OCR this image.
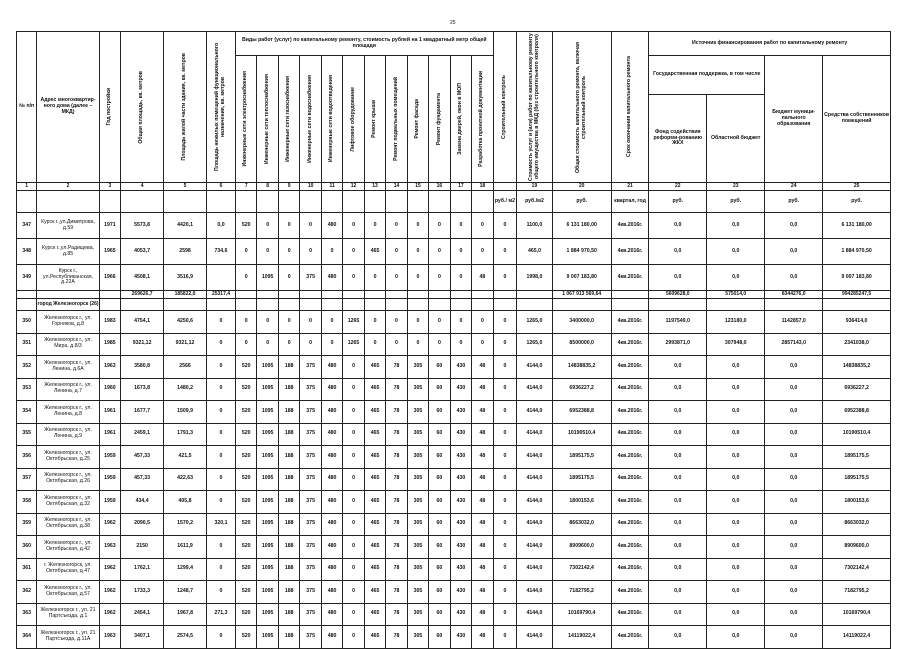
25
№ п/п	Адрес многоквартир-ного дома (далее – МКД)	Год постройки	Общая площадь, кв. метров	Площадь жилой части здания, кв. метров	Площадь нежилых помещений функционального назначения, кв. метров	Виды работ (услуг) по капитальному ремонту, стоимость рублей на 1 квадратный метр общей площади												Строительный контроль	Стоимость услуг и (или) работ по капитальному ремонту общего имущества в МКД (без строительного контроля)	Общая стоимость капитального ремонта, включая строительный контроль	Срок окончания капитального ремонта	Источник финансирования работ по капитальному ремонту			

						Инженерные сети электроснабжения	Инженерные сети теплоснабжения	Инженерные сети газоснабжения	Инженерные сети водоснабжения	Инженерные сети водоотведения	Лифтовое оборудование	Ремонт крыши	Ремонт подвальных помещений	Ремонт фасада	Ремонт фундамента	Замена дверей, окон в МОП	Разработка проектной документации					Государственная поддержка, в том числе		Бюджет муници-пального образования	Средства собственников помещений
																						Фонд содействия реформи-рованию ЖКХ	Областной бюджет		
1	2	3	4	5	6	7	8	9	10	11	12	13	14	15	16	17	18		19	20	21	22	23	24	25
																		руб./ м2	руб./м2	руб.	квартал, год	руб.	руб.	руб.	руб.
347	Курск г.,ул.Димитрова, д.59	1971	5573,8	4420,1	0,0	520	0	0	0	480	0	0	0	0	0	0	0	0	1100,0	6 131 180,00	4кв.2016г.	0,0	0,0	0,0	6 131 180,00
348	Курск г.,ул.Радищева, д.85	1965	4053,7	2598	734,6	0	0	0	0	0	0	465	0	0	0	0	0	0	465,0	1 884 970,50	4кв.2016г.	0,0	0,0	0,0	1 884 970,50
349	Курск г., ул.Республиканская, д.22А	1966	4508,1	3516,9		0	1095	0	375	480	0	0	0	0	0	0	48	0	1998,0	9 007 183,80	4кв.2016г.	0,0	0,0	0,0	9 007 183,80
			269626,7	185822,0	25317,4															1 067 913 569,64		5609628,0	575014,0	8344276,0	994285247,5
	город Железногорск (26)																								
350	Железногорск г., ул. Горняков, д.8	1983	4754,1	4250,6	0	0	0	0	0	0	1265	0	0	0	0	0	0	0	1265,0	3400000,0	4кв.2016г.	1197549,0	123180,0	1142857,0	936414,0
351	Железногорск г., ул. Мира, д.8/3	1985	9321,12	9321,12	0	0	0	0	0	0	1265	0	0	0	0	0	0	0	1265,0	8500000,0	4кв.2016г.	2993871,0	307948,0	2857143,0	2341038,0
352	Железногорск г., ул. Ленина, д.6А	1963	3580,8	2566	0	520	1095	188	375	480	0	465	78	305	60	430	48	0	4144,0	14838835,2	4кв.2016г.	0,0	0,0	0,0	14838835,2
353	Железногорск г., ул. Ленина, д.7	1960	1673,8	1480,2	0	520	1095	188	375	480	0	465	78	305	60	430	48	0	4144,0	6936227,2	4кв.2016г.	0,0	0,0	0,0	6936227,2
354	Железногорск г., ул. Ленина, д.8	1961	1677,7	1509,9	0	520	1095	188	375	480	0	465	78	305	60	430	48	0	4144,0	6952388,8	4кв.2016г.	0,0	0,0	0,0	6952388,8
355	Железногорск г., ул. Ленина, д.9	1961	2459,1	1791,3	0	520	1095	188	375	480	0	465	78	305	60	430	48	0	4144,0	10190510,4	4кв.2016г.	0,0	0,0	0,0	10190510,4
356	Железногорск г., ул. Октябрьская, д.25	1959	457,33	421,5	0	520	1095	188	375	480	0	465	78	305	60	430	48	0	4144,0	1895175,5	4кв.2016г.	0,0	0,0	0,0	1895175,5
357	Железногорск г., ул. Октябрьская, д.26	1959	457,33	422,63	0	520	1095	188	375	480	0	465	78	305	60	430	48	0	4144,0	1895175,5	4кв.2016г.	0,0	0,0	0,0	1895175,5
358	Железногорск г., ул. Октябрьская, д.32	1959	434,4	405,8	0	520	1095	188	375	480	0	465	78	305	60	430	48	0	4144,0	1800153,6	4кв.2016г.	0,0	0,0	0,0	1800153,6
359	Железногорск г., ул. Октябрьская, д.38	1962	2090,5	1570,2	320,1	520	1095	188	375	480	0	465	78	305	60	430	48	0	4144,0	8663032,0	4кв.2016г.	0,0	0,0	0,0	8663032,0
360	Железногорск г., ул. Октябрьская, д.42	1963	2150	1611,9	0	520	1095	188	375	480	0	465	78	305	60	430	48	0	4144,0	8909600,0	4кв.2016г.	0,0	0,0	0,0	8909600,0
361	г. Железногорск, ул. Октябрьская, д.47	1962	1762,1	1299,4	0	520	1095	188	375	480	0	465	78	305	60	430	48	0	4144,0	7302142,4	4кв.2016г.	0,0	0,0	0,0	7302142,4
362	Железногорск г., ул. Октябрьская, д.57	1962	1733,3	1248,7	0	520	1095	188	375	480	0	465	78	305	60	430	48	0	4144,0	7182795,2	4кв.2016г.	0,0	0,0	0,0	7182795,2
363	Железногорск г., ул. 21 Партсъезда, д.1	1962	2454,1	1967,8	271,3	520	1095	188	375	480	0	465	78	305	60	430	48	0	4144,0	10169790,4	4кв.2016г.	0,0	0,0	0,0	10169790,4
364	Железногорск г., ул. 21 Партсъезда, д.11А	1963	3407,1	2574,5	0	520	1095	188	375	480	0	465	78	305	60	430	48	0	4144,0	14119022,4	4кв.2016г.	0,0	0,0	0,0	14119022,4
